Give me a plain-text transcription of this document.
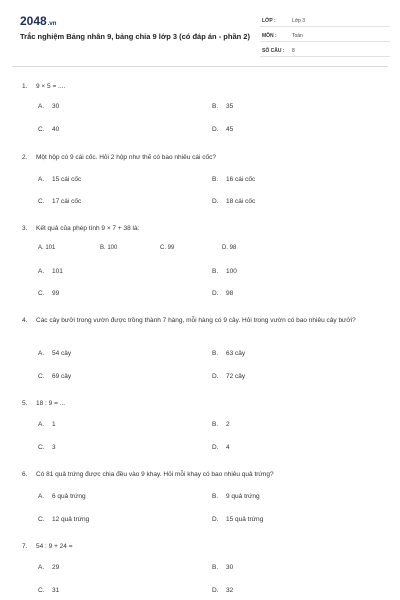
2048.vn
Trắc nghiệm Bảng nhân 9, bảng chia 9 lớp 3 (có đáp án - phần 2)
LỚP :	Lớp 3
MÔN :	Toán
SỐ CÂU : 8
1. 9 × 5 = ....
A. 30	B. 35
C. 40	D. 45
2. Một hộp có 9 cái cốc. Hỏi 2 hộp như thế có bao nhiêu cái cốc?
A. 15 cái cốc	B. 16 cái cốc
C. 17 cái cốc	D. 18 cái cốc
3. Kết quả của phép tính 9 × 7 + 38 là:
A. 101	B. 100	C. 99	D. 98
A. 101	B. 100
C. 99	D. 98
4. Các cây bưởi trong vườn được trồng thành 7 hàng, mỗi hàng có 9 cây. Hỏi trong vườn có bao nhiêu cây bưởi?
A. 54 cây	B. 63 cây
C. 69 cây	D. 72 cây
5. 18 : 9 = ...
A. 1	B. 2
C. 3	D. 4
6. Có 81 quả trứng được chia đều vào 9 khay. Hỏi mỗi khay có bao nhiêu quả trứng?
A. 6 quả trứng	B. 9 quả trứng
C. 12 quả trứng	D. 15 quả trứng
7. 54 : 9 + 24 =
A. 29	B. 30
C. 31	D. 32
